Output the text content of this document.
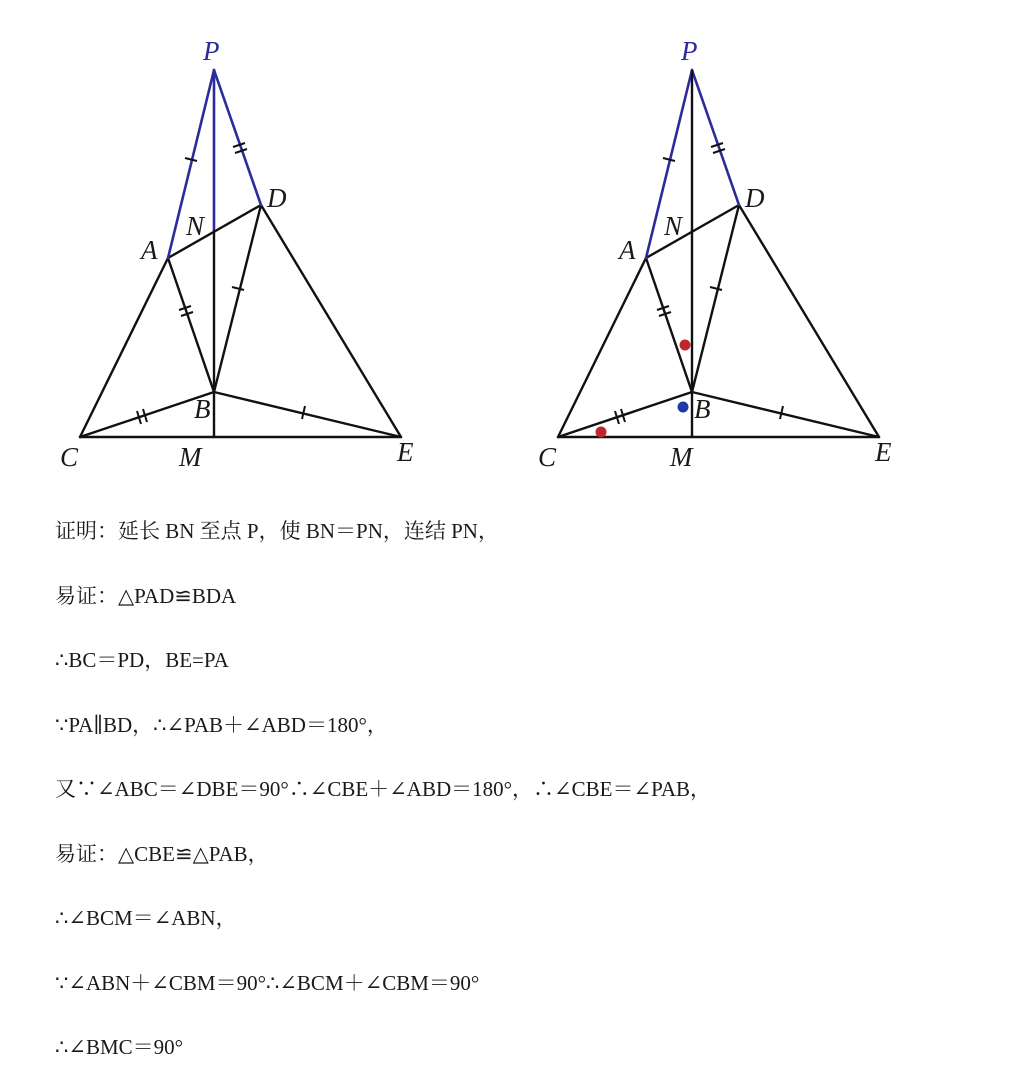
P
N
D
A
B
C	M	E
P
N
D
A
B
C	M	E
证明：延长 BN 至点 P，使 BN＝PN，连结 PN，
易证：△PAD≌BDA
∴BC＝PD，BE=PA
∵PA∥BD，∴∠PAB＋∠ABD＝180°，
又∵∠ABC＝∠DBE＝90°∴∠CBE＋∠ABD＝180°，∴∠CBE＝∠PAB，
易证：△CBE≌△PAB，
∴∠BCM＝∠ABN，
∵∠ABN＋∠CBM＝90°∴∠BCM＋∠CBM＝90°
∴∠BMC＝90°
